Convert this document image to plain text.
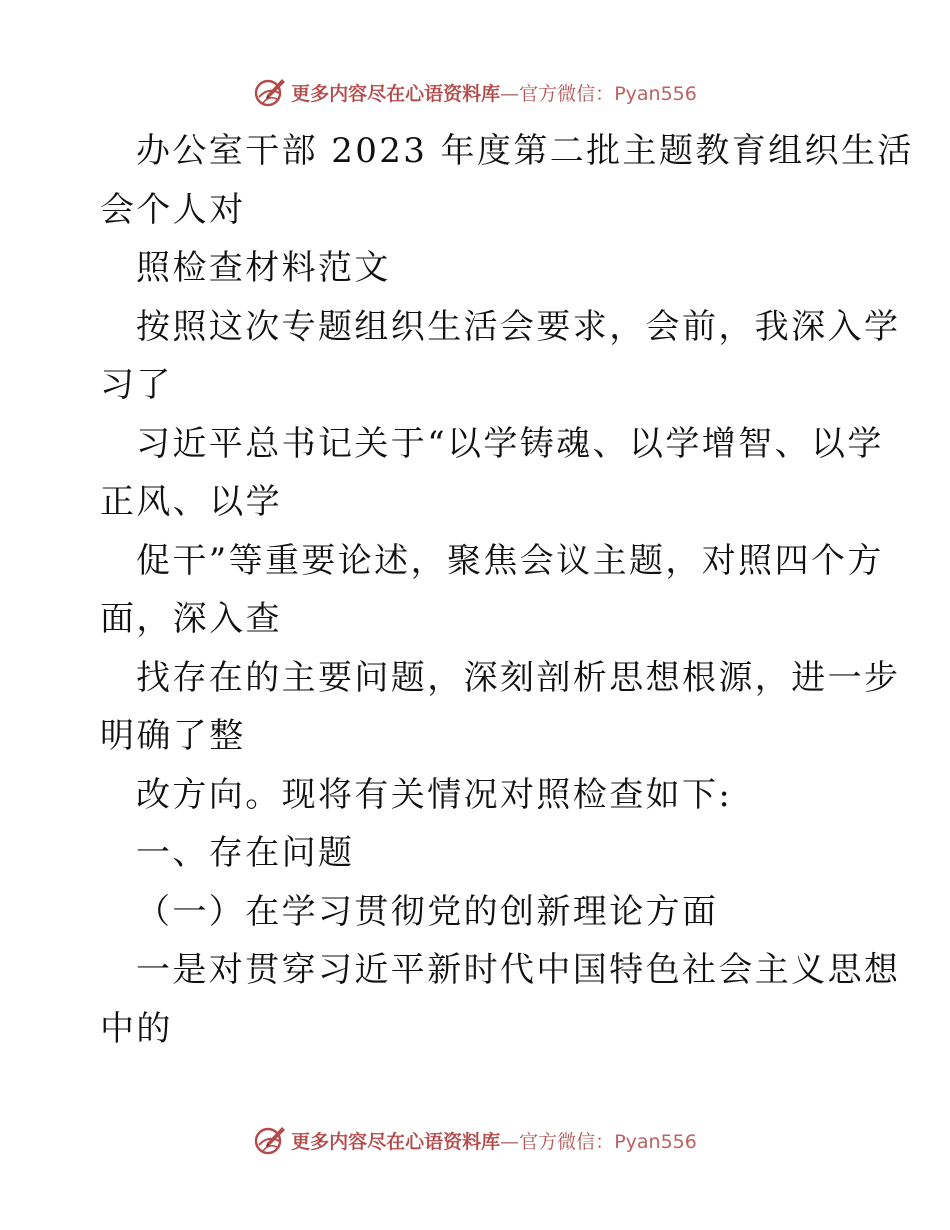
更多内容尽在心语资料库 — 官方微信： Pyan556
办公室干部 2023 年度第二批主题教育组织生活
会个人对
照检查材料范文
按照这次专题组织生活会要求，会前，我深入学
习了
习近平总书记关于“以学铸魂、以学增智、以学
正风、以学
促干”等重要论述，聚焦会议主题，对照四个方
面，深入查
找存在的主要问题，深刻剖析思想根源，进一步
明确了整
改方向。现将有关情况对照检查如下:
一、存在问题
（一）在学习贯彻党的创新理论方面
一是对贯穿习近平新时代中国特色社会主义思想
中的
更多内容尽在心语资料库 — 官方微信： Pyan556
